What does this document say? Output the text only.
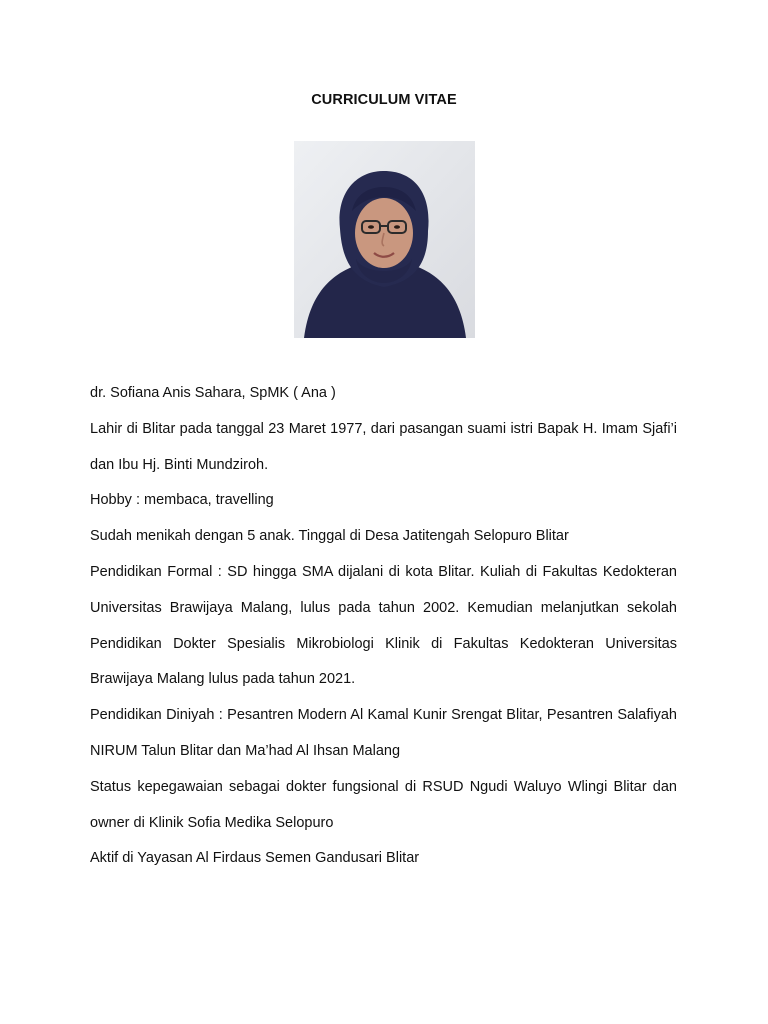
CURRICULUM VITAE

dr. Sofiana Anis Sahara, SpMK ( Ana )

Lahir di Blitar pada tanggal 23 Maret 1977, dari pasangan suami istri Bapak H. Imam Sjafi’i dan Ibu Hj. Binti Mundziroh.

Hobby : membaca, travelling

Sudah menikah dengan 5 anak. Tinggal di Desa Jatitengah Selopuro Blitar

Pendidikan Formal : SD hingga SMA dijalani di kota Blitar. Kuliah di Fakultas Kedokteran Universitas Brawijaya Malang, lulus pada tahun 2002. Kemudian melanjutkan sekolah Pendidikan Dokter Spesialis Mikrobiologi Klinik di Fakultas Kedokteran Universitas Brawijaya Malang lulus pada tahun 2021.

Pendidikan Diniyah : Pesantren Modern Al Kamal Kunir Srengat Blitar, Pesantren Salafiyah NIRUM Talun Blitar dan Ma’had Al Ihsan Malang

Status kepegawaian sebagai dokter fungsional di RSUD Ngudi Waluyo Wlingi Blitar dan owner di Klinik Sofia Medika Selopuro

Aktif di Yayasan Al Firdaus Semen Gandusari Blitar
